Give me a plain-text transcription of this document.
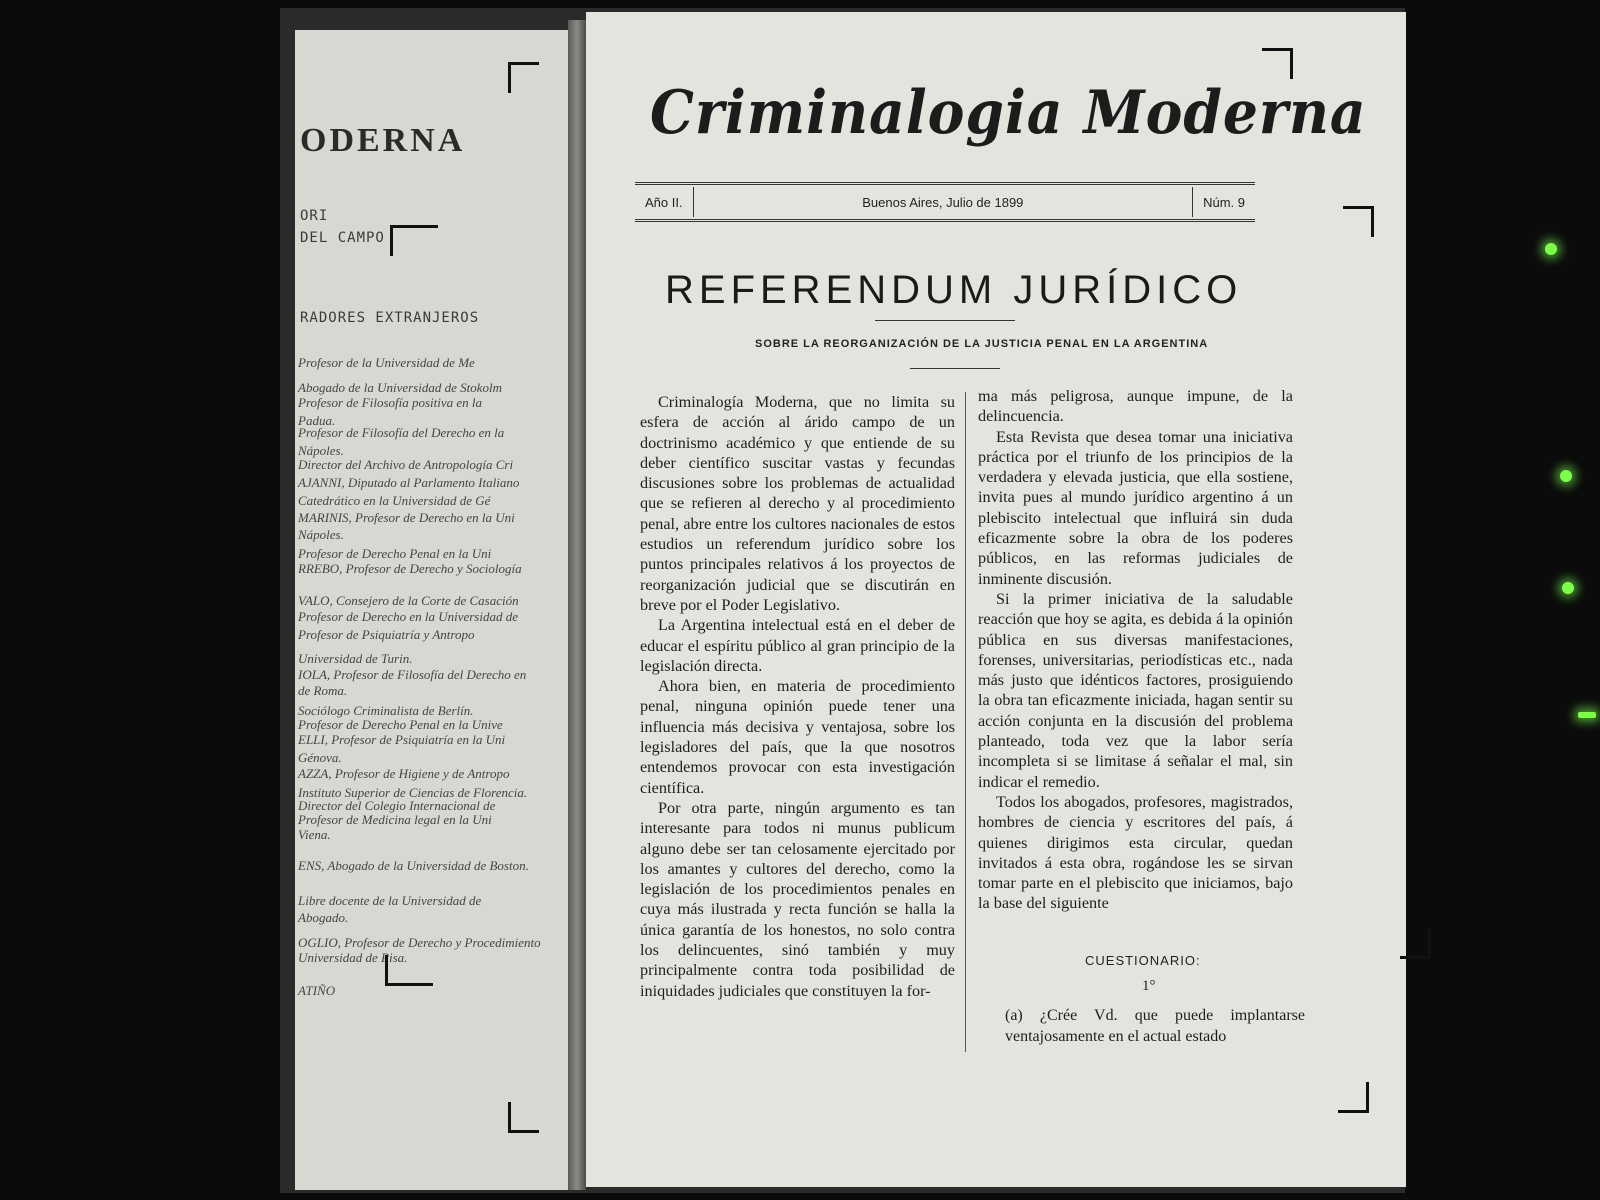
ODERNA
ORI
DEL CAMPO
RADORES EXTRANJEROS
Profesor de la Universidad de Me
Abogado de la Universidad de Stokolm
Profesor de Filosofía positiva en la
Padua.
Profesor de Filosofía del Derecho en la
Nápoles.
Director del Archivo de Antropología Cri
AJANNI, Diputado al Parlamento Italiano
Catedrático en la Universidad de Gé
MARINIS, Profesor de Derecho en la Uni
Nápoles.
Profesor de Derecho Penal en la Uni
RREBO, Profesor de Derecho y Sociología
VALO, Consejero de la Corte de Casación
Profesor de Derecho en la Universidad de
Profesor de Psiquiatría y Antropo
Universidad de Turin.
IOLA, Profesor de Filosofía del Derecho en
de Roma.
Sociólogo Criminalista de Berlín.
Profesor de Derecho Penal en la Unive
ELLI, Profesor de Psiquiatría en la Uni
Génova.
AZZA, Profesor de Higiene y de Antropo
Instituto Superior de Ciencias de Florencia.
Director del Colegio Internacional de
Profesor de Medicina legal en la Uni
Viena.
ENS, Abogado de la Universidad de Boston.
Libre docente de la Universidad de
Abogado.
OGLIO, Profesor de Derecho y Procedimiento
Universidad de Pisa.
ATIÑO
Criminalogia Moderna
Año II.	Buenos Aires, Julio de 1899	Núm. 9
REFERENDUM JURÍDICO
SOBRE LA REORGANIZACIÓN DE LA JUSTICIA PENAL EN LA ARGENTINA

Criminalogía Moderna, que no limita su esfera de acción al árido campo de un doctrinismo académico y que entiende de su deber científico suscitar vastas y fecundas discusiones sobre los problemas de actualidad que se refieren al derecho y al procedimiento penal, abre entre los cultores nacionales de estos estudios un referendum jurídico sobre los puntos principales relativos á los proyectos de reorganización judicial que se discutirán en breve por el Poder Legislativo.

La Argentina intelectual está en el deber de educar el espíritu público al gran principio de la legislación directa.

Ahora bien, en materia de procedimiento penal, ninguna opinión puede tener una influencia más decisiva y ventajosa, sobre los legisladores del país, que la que nosotros entendemos provocar con esta investigación científica.

Por otra parte, ningún argumento es tan interesante para todos ni munus publicum alguno debe ser tan celosamente ejercitado por los amantes y cultores del derecho, como la legislación de los procedimientos penales en cuya más ilustrada y recta función se halla la única garantía de los honestos, no solo contra los delincuentes, sinó también y muy principalmente contra toda posibilidad de iniquidades judiciales que constituyen la for-

ma más peligrosa, aunque impune, de la delincuencia.

Esta Revista que desea tomar una iniciativa práctica por el triunfo de los principios de la verdadera y elevada justicia, que ella sostiene, invita pues al mundo jurídico argentino á un plebiscito intelectual que influirá sin duda eficazmente sobre la obra de los poderes públicos, en las reformas judiciales de inminente discusión.

Si la primer iniciativa de la saludable reacción que hoy se agita, es debida á la opinión pública en sus diversas manifestaciones, forenses, universitarias, periodísticas etc., nada más justo que idénticos factores, prosiguiendo la obra tan eficazmente iniciada, hagan sentir su acción conjunta en la discusión del problema planteado, toda vez que la labor sería incompleta si se limitase á señalar el mal, sin indicar el remedio.

Todos los abogados, profesores, magistrados, hombres de ciencia y escritores del país, á quienes dirigimos esta circular, quedan invitados á esta obra, rogándose les se sirvan tomar parte en el plebiscito que iniciamos, bajo la base del siguiente

CUESTIONARIO:
1°
(a) ¿Crée Vd. que puede implantarse ventajosamente en el actual estado
